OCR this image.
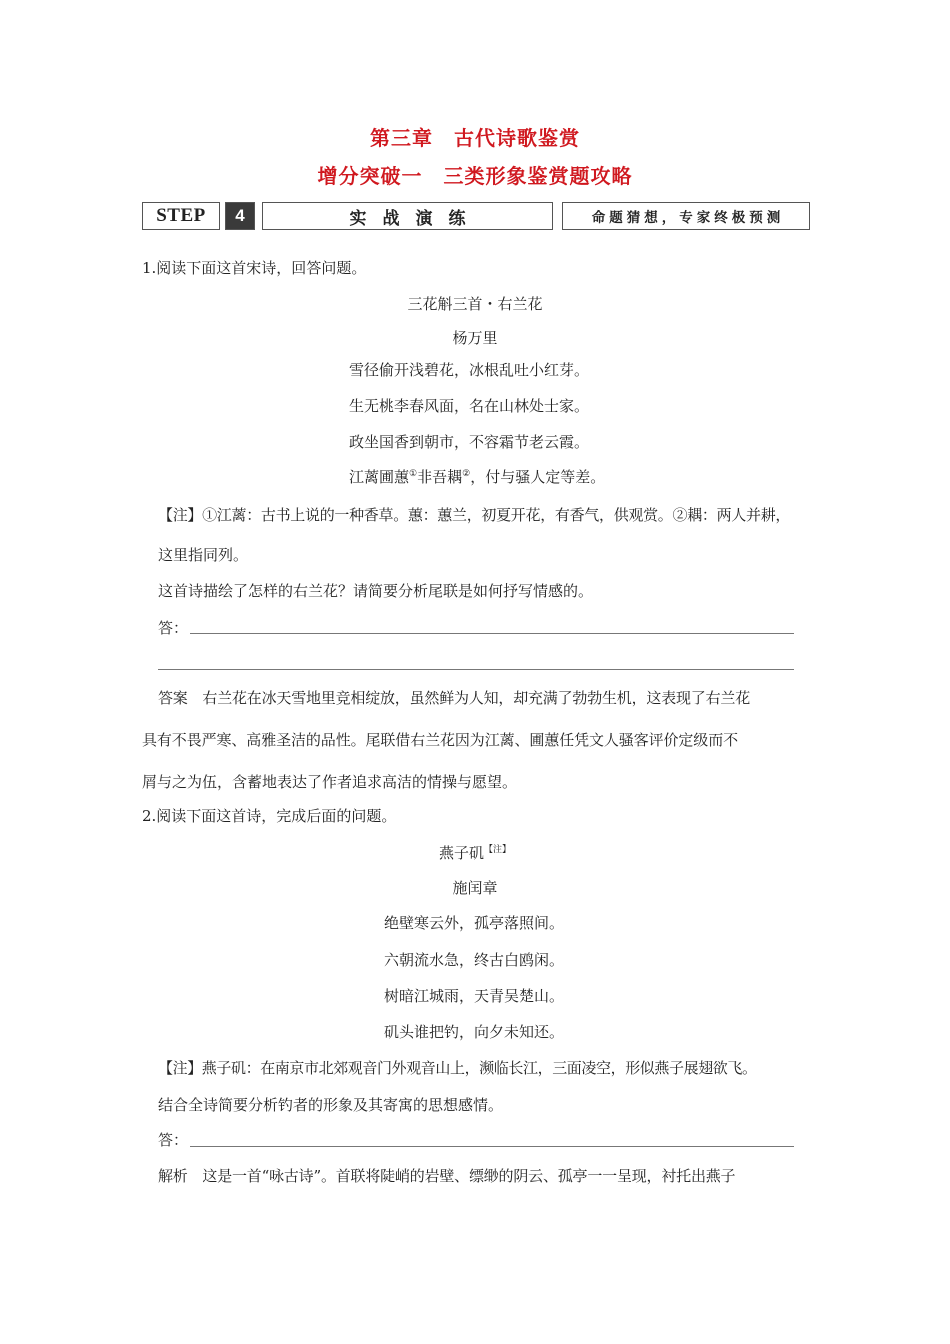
第三章　古代诗歌鉴赏
增分突破一　三类形象鉴赏题攻略
STEP	4	实战演练	命题猜想，专家终极预测
1.阅读下面这首宋诗，回答问题。
三花斛三首・右兰花
杨万里
雪径偷开浅碧花，冰根乱吐小红芽。
生无桃李春风面，名在山林处士家。
政坐国香到朝市，不容霜节老云霞。
江蓠圃蕙①非吾耦②，付与骚人定等差。
【注】①江蓠：古书上说的一种香草。蕙：蕙兰，初夏开花，有香气，供观赏。②耦：两人并耕，
这里指同列。
这首诗描绘了怎样的右兰花？请简要分析尾联是如何抒写情感的。
答：
答案　右兰花在冰天雪地里竞相绽放，虽然鲜为人知，却充满了勃勃生机，这表现了右兰花
具有不畏严寒、高雅圣洁的品性。尾联借右兰花因为江蓠、圃蕙任凭文人骚客评价定级而不
屑与之为伍，含蓄地表达了作者追求高洁的情操与愿望。
2.阅读下面这首诗，完成后面的问题。
燕子矶$^{【注】}$
施闰章
绝壁寒云外，孤亭落照间。
六朝流水急，终古白鸥闲。
树暗江城雨，天青吴楚山。
矶头谁把钓，向夕未知还。
【注】燕子矶：在南京市北郊观音门外观音山上，濒临长江，三面凌空，形似燕子展翅欲飞。
结合全诗简要分析钓者的形象及其寄寓的思想感情。
答：
解析　这是一首“咏古诗”。首联将陡峭的岩壁、缥缈的阴云、孤亭一一呈现，衬托出燕子
